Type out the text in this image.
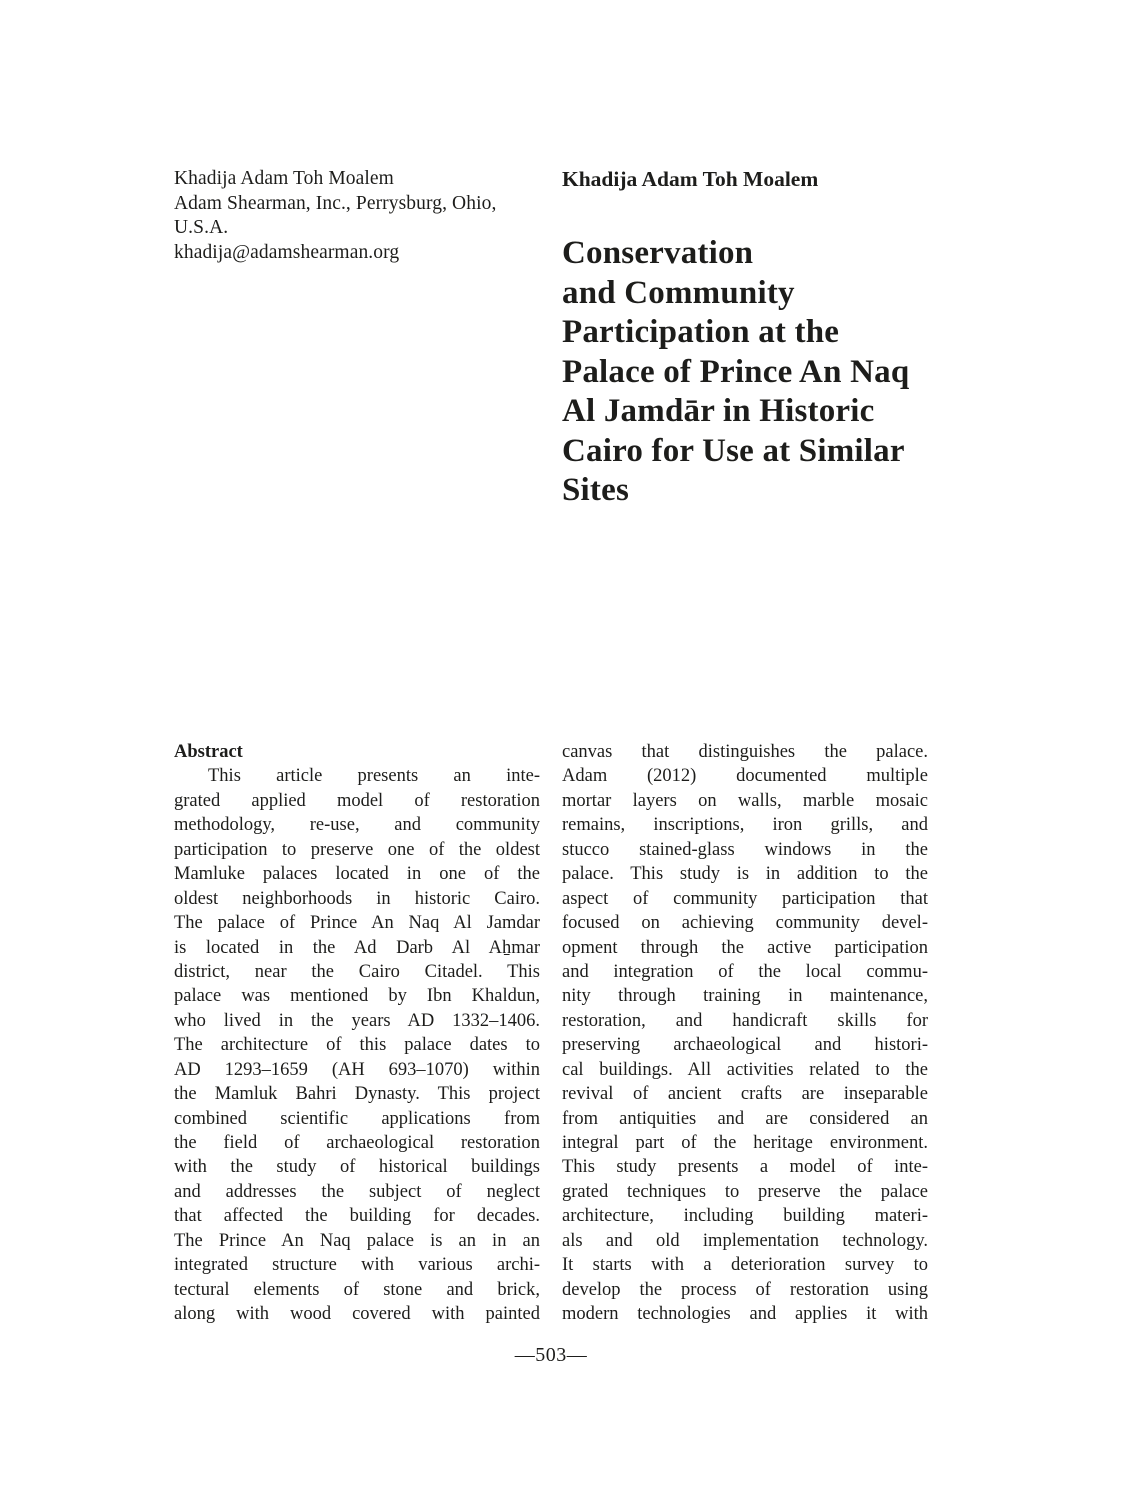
Khadija Adam Toh Moalem
Adam Shearman, Inc., Perrysburg, Ohio, U.S.A.
khadija@adamshearman.org
Khadija Adam Toh Moalem
Conservation
and Community
Participation at the
Palace of Prince An Naq
Al Jamdār in Historic
Cairo for Use at Similar
Sites
Abstract
This article presents an inte-
grated applied model of restoration
methodology, re-use, and community
participation to preserve one of the oldest
Mamluke palaces located in one of the
oldest neighborhoods in historic Cairo.
The palace of Prince An Naq Al Jamdar
is located in the Ad Darb Al Aẖmar
district, near the Cairo Citadel. This
palace was mentioned by Ibn Khaldun,
who lived in the years AD 1332–1406.
The architecture of this palace dates to
AD 1293–1659 (AH 693–1070) within
the Mamluk Bahri Dynasty. This project
combined scientific applications from
the field of archaeological restoration
with the study of historical buildings
and addresses the subject of neglect
that affected the building for decades.
The Prince An Naq palace is an in an
integrated structure with various archi-
tectural elements of stone and brick,
along with wood covered with painted
canvas that distinguishes the palace.
Adam (2012) documented multiple
mortar layers on walls, marble mosaic
remains, inscriptions, iron grills, and
stucco stained-glass windows in the
palace. This study is in addition to the
aspect of community participation that
focused on achieving community devel-
opment through the active participation
and integration of the local commu-
nity through training in maintenance,
restoration, and handicraft skills for
preserving archaeological and histori-
cal buildings. All activities related to the
revival of ancient crafts are inseparable
from antiquities and are considered an
integral part of the heritage environment.
This study presents a model of inte-
grated techniques to preserve the palace
architecture, including building materi-
als and old implementation technology.
It starts with a deterioration survey to
develop the process of restoration using
modern technologies and applies it with
—503—
